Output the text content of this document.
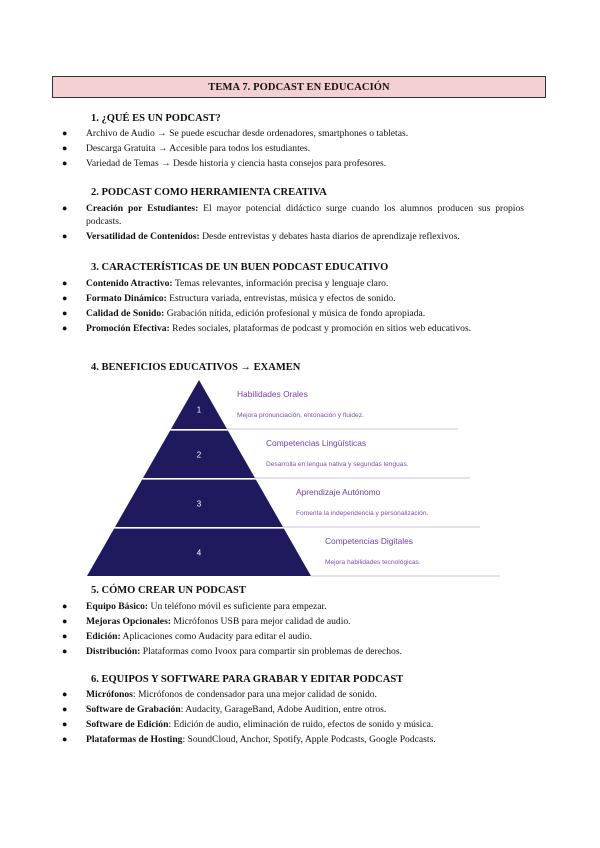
TEMA 7. PODCAST EN EDUCACIÓN
1. ¿QUÉ ES UN PODCAST?
● Archivo de Audio → Se puede escuchar desde ordenadores, smartphones o tabletas.
● Descarga Gratuita → Accesible para todos los estudiantes.
● Variedad de Temas → Desde historia y ciencia hasta consejos para profesores.
2. PODCAST COMO HERRAMIENTA CREATIVA
● Creación por Estudiantes: El mayor potencial didáctico surge cuando los alumnos producen sus propios podcasts.
● Versatilidad de Contenidos: Desde entrevistas y debates hasta diarios de aprendizaje reflexivos.
3. CARACTERÍSTICAS DE UN BUEN PODCAST EDUCATIVO
● Contenido Atractivo: Temas relevantes, información precisa y lenguaje claro.
● Formato Dinámico: Estructura variada, entrevistas, música y efectos de sonido.
● Calidad de Sonido: Grabación nítida, edición profesional y música de fondo apropiada.
● Promoción Efectiva: Redes sociales, plataformas de podcast y promoción en sitios web educativos.
4. BENEFICIOS EDUCATIVOS → EXAMEN
1
Habilidades Orales
Mejora pronunciación, entonación y fluidez.
2
Competencias Lingüísticas
Desarrolla en lengua nativa y segundas lenguas.
3
Aprendizaje Autónomo
Fomenta la independencia y personalización.
4
Competencias Digitales
Mejora habilidades tecnológicas.
5. CÓMO CREAR UN PODCAST
● Equipo Básico: Un teléfono móvil es suficiente para empezar.
● Mejoras Opcionales: Micrófonos USB para mejor calidad de audio.
● Edición: Aplicaciones como Audacity para editar el audio.
● Distribución: Plataformas como Ivoox para compartir sin problemas de derechos.
6. EQUIPOS Y SOFTWARE PARA GRABAR Y EDITAR PODCAST
● Micrófonos: Micrófonos de condensador para una mejor calidad de sonido.
● Software de Grabación: Audacity, GarageBand, Adobe Audition, entre otros.
● Software de Edición: Edición de audio, eliminación de ruido, efectos de sonido y música.
● Plataformas de Hosting: SoundCloud, Anchor, Spotify, Apple Podcasts, Google Podcasts.
